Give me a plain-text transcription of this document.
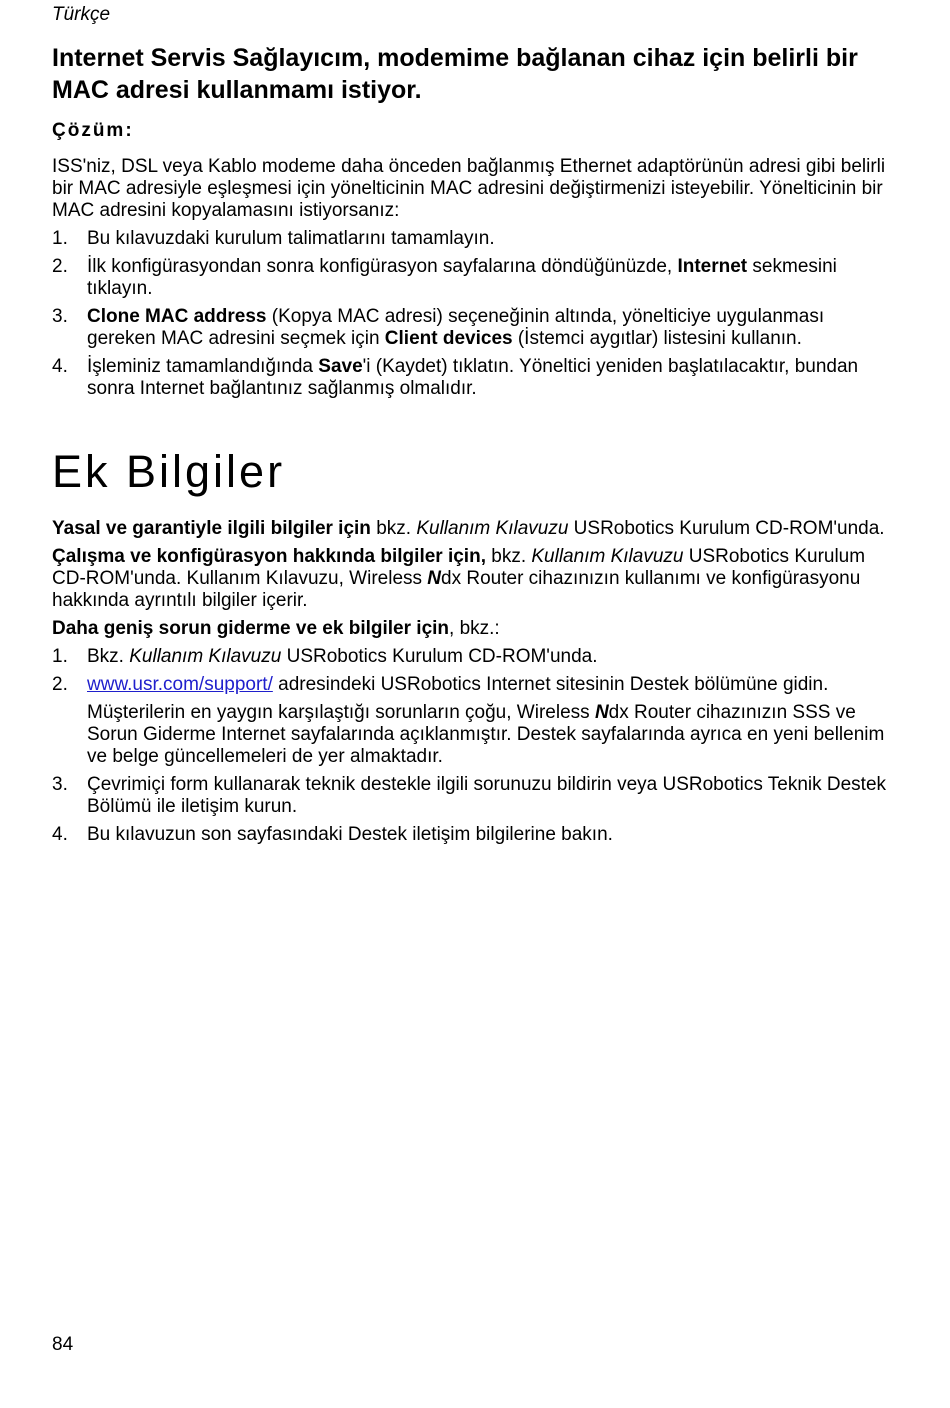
Türkçe
Internet Servis Sağlayıcım, modemime bağlanan cihaz için belirli bir MAC adresi kullanmamı istiyor.
Çözüm:

ISS'niz, DSL veya Kablo modeme daha önceden bağlanmış Ethernet adaptörünün adresi gibi belirli bir MAC adresiyle eşleşmesi için yönelticinin MAC adresini değiştirmenizi isteyebilir. Yönelticinin bir MAC adresini kopyalamasını istiyorsanız:

1. Bu kılavuzdaki kurulum talimatlarını tamamlayın.
2. İlk konfigürasyondan sonra konfigürasyon sayfalarına döndüğünüzde, Internet sekmesini tıklayın.
3. Clone MAC address (Kopya MAC adresi) seçeneğinin altında, yönelticiye uygulanması gereken MAC adresini seçmek için Client devices (İstemci aygıtlar) listesini kullanın.
4. İşleminiz tamamlandığında Save'i (Kaydet) tıklatın. Yöneltici yeniden başlatılacaktır, bundan sonra Internet bağlantınız sağlanmış olmalıdır.
Ek Bilgiler

Yasal ve garantiyle ilgili bilgiler için bkz. Kullanım Kılavuzu USRobotics Kurulum CD-ROM'unda.

Çalışma ve konfigürasyon hakkında bilgiler için, bkz. Kullanım Kılavuzu USRobotics Kurulum CD-ROM'unda. Kullanım Kılavuzu, Wireless Ndx Router cihazınızın kullanımı ve konfigürasyonu hakkında ayrıntılı bilgiler içerir.

Daha geniş sorun giderme ve ek bilgiler için, bkz.:

1. Bkz. Kullanım Kılavuzu USRobotics Kurulum CD-ROM'unda.
2. www.usr.com/support/ adresindeki USRobotics Internet sitesinin Destek bölümüne gidin.

Müşterilerin en yaygın karşılaştığı sorunların çoğu, Wireless Ndx Router cihazınızın SSS ve Sorun Giderme Internet sayfalarında açıklanmıştır. Destek sayfalarında ayrıca en yeni bellenim ve belge güncellemeleri de yer almaktadır.

3. Çevrimiçi form kullanarak teknik destekle ilgili sorunuzu bildirin veya USRobotics Teknik Destek Bölümü ile iletişim kurun.
4. Bu kılavuzun son sayfasındaki Destek iletişim bilgilerine bakın.
84
